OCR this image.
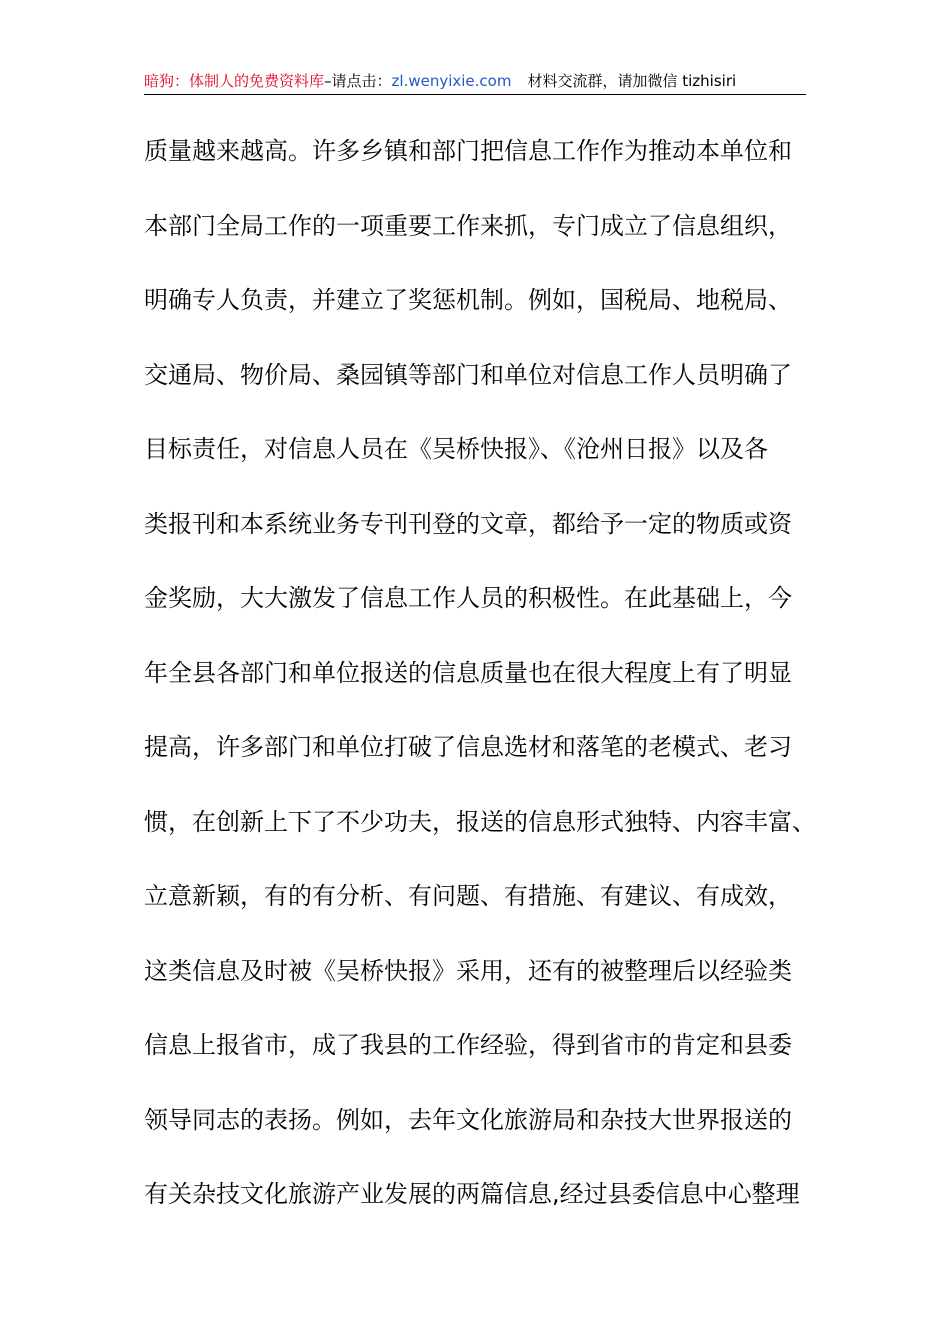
暗狗：体制人的免费资料库–请点击：zl.wenyixie.com 材料交流群，请加微信 tizhisiri
质量越来越高。许多乡镇和部门把信息工作作为推动本单位和
本部门全局工作的一项重要工作来抓，专门成立了信息组织，
明确专人负责，并建立了奖惩机制。例如，国税局、地税局、
交通局、物价局、桑园镇等部门和单位对信息工作人员明确了
目标责任，对信息人员在《吴桥快报》、《沧州日报》以及各
类报刊和本系统业务专刊刊登的文章，都给予一定的物质或资
金奖励，大大激发了信息工作人员的积极性。在此基础上，今
年全县各部门和单位报送的信息质量也在很大程度上有了明显
提高，许多部门和单位打破了信息选材和落笔的老模式、老习
惯，在创新上下了不少功夫，报送的信息形式独特、内容丰富、
立意新颖，有的有分析、有问题、有措施、有建议、有成效，
这类信息及时被《吴桥快报》采用，还有的被整理后以经验类
信息上报省市，成了我县的工作经验，得到省市的肯定和县委
领导同志的表扬。例如，去年文化旅游局和杂技大世界报送的
有关杂技文化旅游产业发展的两篇信息,经过县委信息中心整理
